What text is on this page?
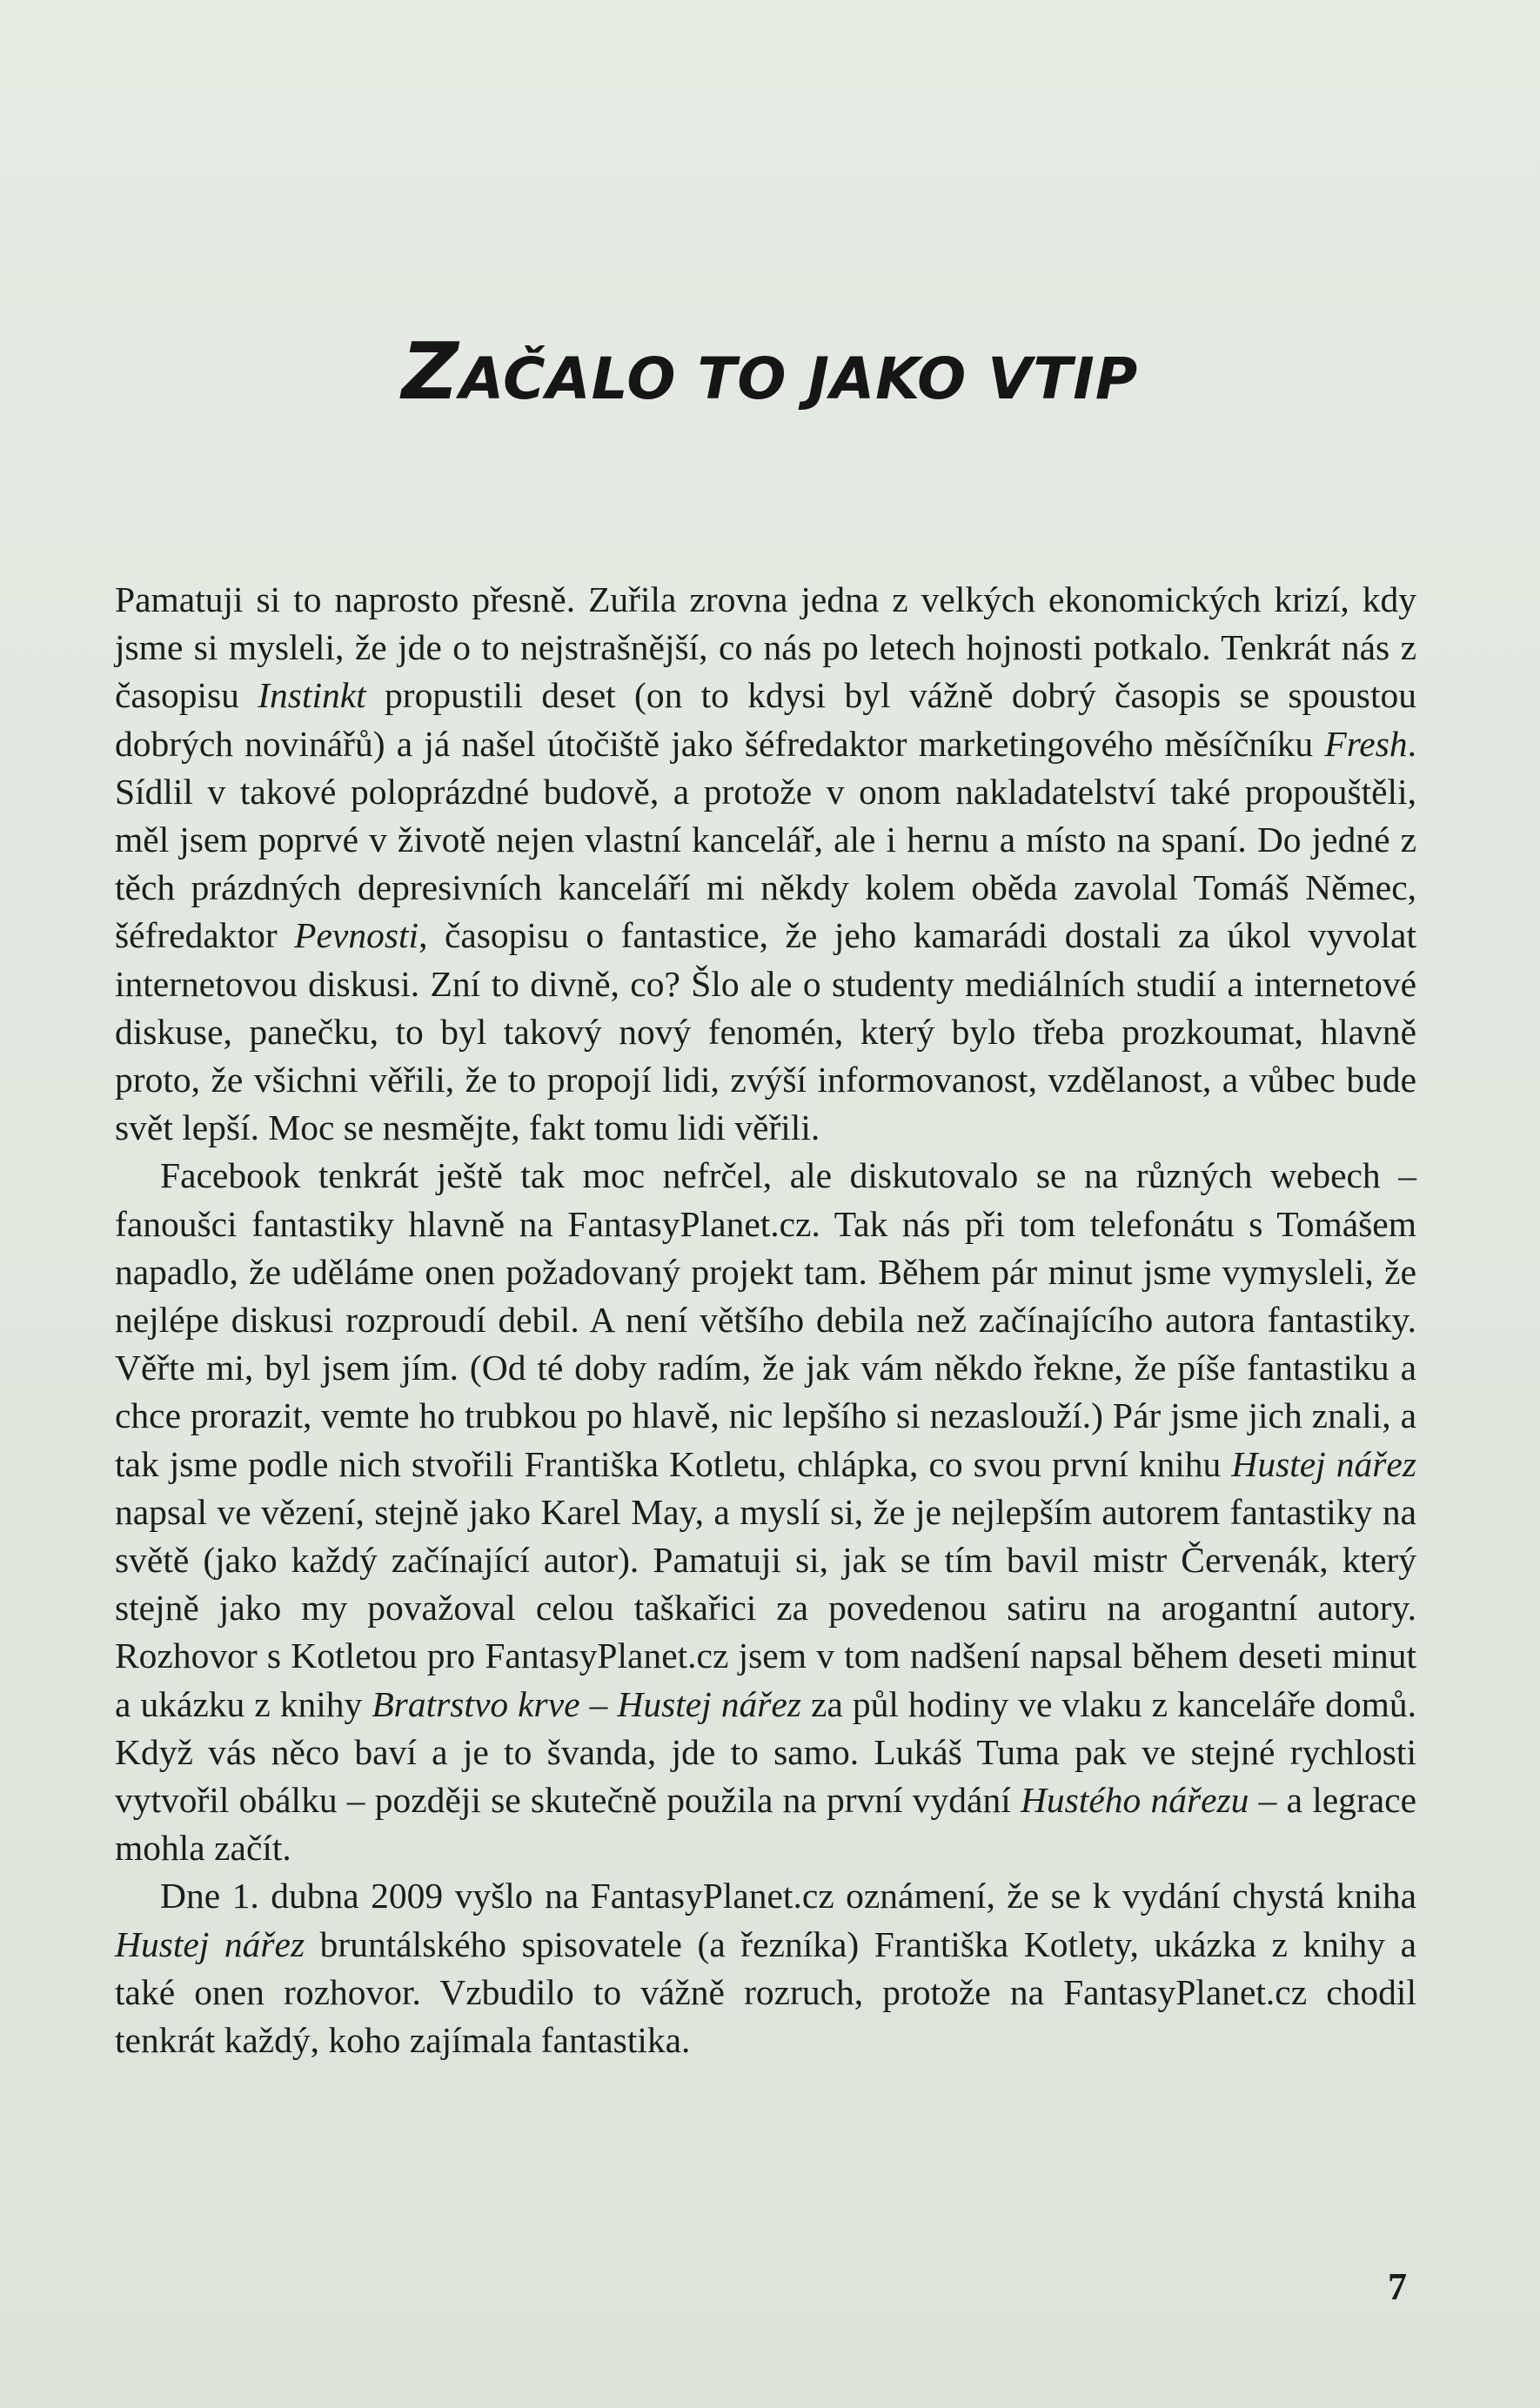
ZAČALO TO JAKO VTIP

Pamatuji si to naprosto přesně. Zuřila zrovna jedna z velkých ekonomických krizí, kdy jsme si mysleli, že jde o to nejstrašnější, co nás po letech hojnosti potkalo. Tenkrát nás z časopisu Instinkt propustili deset (on to kdysi byl vážně dobrý časopis se spoustou dobrých novinářů) a já našel útočiště jako šéfredaktor marketingového měsíčníku Fresh. Sídlil v takové poloprázdné budově, a protože v onom nakladatelství také propouštěli, měl jsem poprvé v životě nejen vlastní kancelář, ale i hernu a místo na spaní. Do jedné z těch prázdných depresivních kanceláří mi někdy kolem oběda zavolal Tomáš Němec, šéfredaktor Pevnosti, časopisu o fantastice, že jeho kamarádi dostali za úkol vyvolat internetovou diskusi. Zní to divně, co? Šlo ale o studenty mediálních studií a internetové diskuse, panečku, to byl takový nový fenomén, který bylo třeba prozkoumat, hlavně proto, že všichni věřili, že to propojí lidi, zvýší informovanost, vzdělanost, a vůbec bude svět lepší. Moc se nesmějte, fakt tomu lidi věřili.

Facebook tenkrát ještě tak moc nefrčel, ale diskutovalo se na různých webech – fanoušci fantastiky hlavně na FantasyPlanet.cz. Tak nás při tom telefonátu s Tomášem napadlo, že uděláme onen požadovaný projekt tam. Během pár minut jsme vymysleli, že nejlépe diskusi rozproudí debil. A není většího debila než začínajícího autora fantastiky. Věřte mi, byl jsem jím. (Od té doby radím, že jak vám někdo řekne, že píše fantastiku a chce prorazit, vemte ho trubkou po hlavě, nic lepšího si nezaslouží.) Pár jsme jich znali, a tak jsme podle nich stvořili Františka Kotletu, chlápka, co svou první knihu Hustej nářez napsal ve vězení, stejně jako Karel May, a myslí si, že je nejlepším autorem fantastiky na světě (jako každý začínající autor). Pamatuji si, jak se tím bavil mistr Červenák, který stejně jako my považoval celou taškařici za povedenou satiru na arogantní autory. Rozhovor s Kotletou pro FantasyPlanet.cz jsem v tom nadšení napsal během deseti minut a ukázku z knihy Bratrstvo krve – Hustej nářez za půl hodiny ve vlaku z kanceláře domů. Když vás něco baví a je to švanda, jde to samo. Lukáš Tuma pak ve stejné rychlosti vytvořil obálku – později se skutečně použila na první vydání Hustého nářezu – a legrace mohla začít.

Dne 1. dubna 2009 vyšlo na FantasyPlanet.cz oznámení, že se k vydání chystá kniha Hustej nářez bruntálského spisovatele (a řezníka) Františka Kotlety, ukázka z knihy a také onen rozhovor. Vzbudilo to vážně rozruch, protože na FantasyPlanet.cz chodil tenkrát každý, koho zajímala fantastika.

7
